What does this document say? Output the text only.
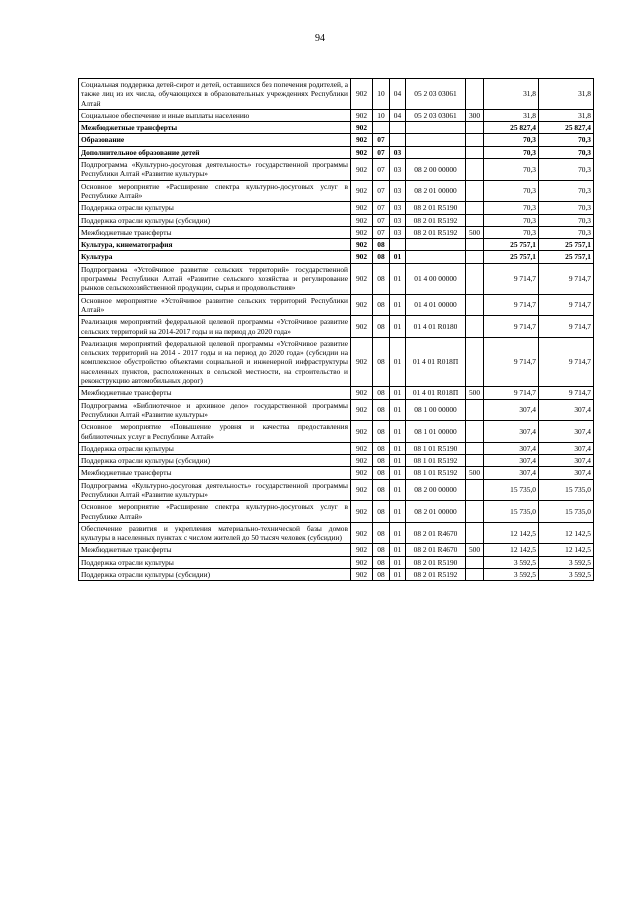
94
Социальная поддержка детей-сирот и детей, оставшихся без попечения родителей, а также лиц из их числа, обучающихся в образовательных учреждениях Республики Алтай	902	10	04	05 2 03 03061		31,8	31,8
Социальное обеспечение и иные выплаты населению	902	10	04	05 2 03 03061	300	31,8	31,8
Межбюджетные трансферты	902					25 827,4	25 827,4
Образование	902	07				70,3	70,3
Дополнительное образование детей	902	07	03			70,3	70,3
Подпрограмма «Культурно-досуговая деятельность» государственной программы Республики Алтай «Развитие культуры»	902	07	03	08 2 00 00000		70,3	70,3
Основное мероприятие «Расширение спектра культурно-досуговых услуг в Республике Алтай»	902	07	03	08 2 01 00000		70,3	70,3
Поддержка отрасли культуры	902	07	03	08 2 01 R5190		70,3	70,3
Поддержка отрасли культуры (субсидии)	902	07	03	08 2 01 R5192		70,3	70,3
Межбюджетные трансферты	902	07	03	08 2 01 R5192	500	70,3	70,3
Культура, кинематография	902	08				25 757,1	25 757,1
Культура	902	08	01			25 757,1	25 757,1
Подпрограмма «Устойчивое развитие сельских территорий» государственной программы Республики Алтай «Развитие сельского хозяйства и регулирование рынков сельскохозяйственной продукции, сырья и продовольствия»	902	08	01	01 4 00 00000		9 714,7	9 714,7
Основное мероприятие «Устойчивое развитие сельских территорий Республики Алтай»	902	08	01	01 4 01 00000		9 714,7	9 714,7
Реализация мероприятий федеральной целевой программы «Устойчивое развитие сельских территорий на 2014-2017 годы и на период до 2020 года»	902	08	01	01 4 01 R0180		9 714,7	9 714,7
Реализация мероприятий федеральной целевой программы «Устойчивое развитие сельских территорий на 2014 - 2017 годы и на период до 2020 года» (субсидии на комплексное обустройство объектами социальной и инженерной инфраструктуры населенных пунктов, расположенных в сельской местности, на строительство и реконструкцию автомобильных дорог)	902	08	01	01 4 01 R018П		9 714,7	9 714,7
Межбюджетные трансферты	902	08	01	01 4 01 R018П	500	9 714,7	9 714,7
Подпрограмма «Библиотечное и архивное дело» государственной программы Республики Алтай «Развитие культуры»	902	08	01	08 1 00 00000		307,4	307,4
Основное мероприятие «Повышение уровня и качества предоставления библиотечных услуг в Республике Алтай»	902	08	01	08 1 01 00000		307,4	307,4
Поддержка отрасли культуры	902	08	01	08 1 01 R5190		307,4	307,4
Поддержка отрасли культуры (субсидии)	902	08	01	08 1 01 R5192		307,4	307,4
Межбюджетные трансферты	902	08	01	08 1 01 R5192	500	307,4	307,4
Подпрограмма «Культурно-досуговая деятельность» государственной программы Республики Алтай «Развитие культуры»	902	08	01	08 2 00 00000		15 735,0	15 735,0
Основное мероприятие «Расширение спектра культурно-досуговых услуг в Республике Алтай»	902	08	01	08 2 01 00000		15 735,0	15 735,0
Обеспечение развития и укрепления материально-технической базы домов культуры в населенных пунктах с числом жителей до 50 тысяч человек (субсидии)	902	08	01	08 2 01 R4670		12 142,5	12 142,5
Межбюджетные трансферты	902	08	01	08 2 01 R4670	500	12 142,5	12 142,5
Поддержка отрасли культуры	902	08	01	08 2 01 R5190		3 592,5	3 592,5
Поддержка отрасли культуры (субсидии)	902	08	01	08 2 01 R5192		3 592,5	3 592,5
